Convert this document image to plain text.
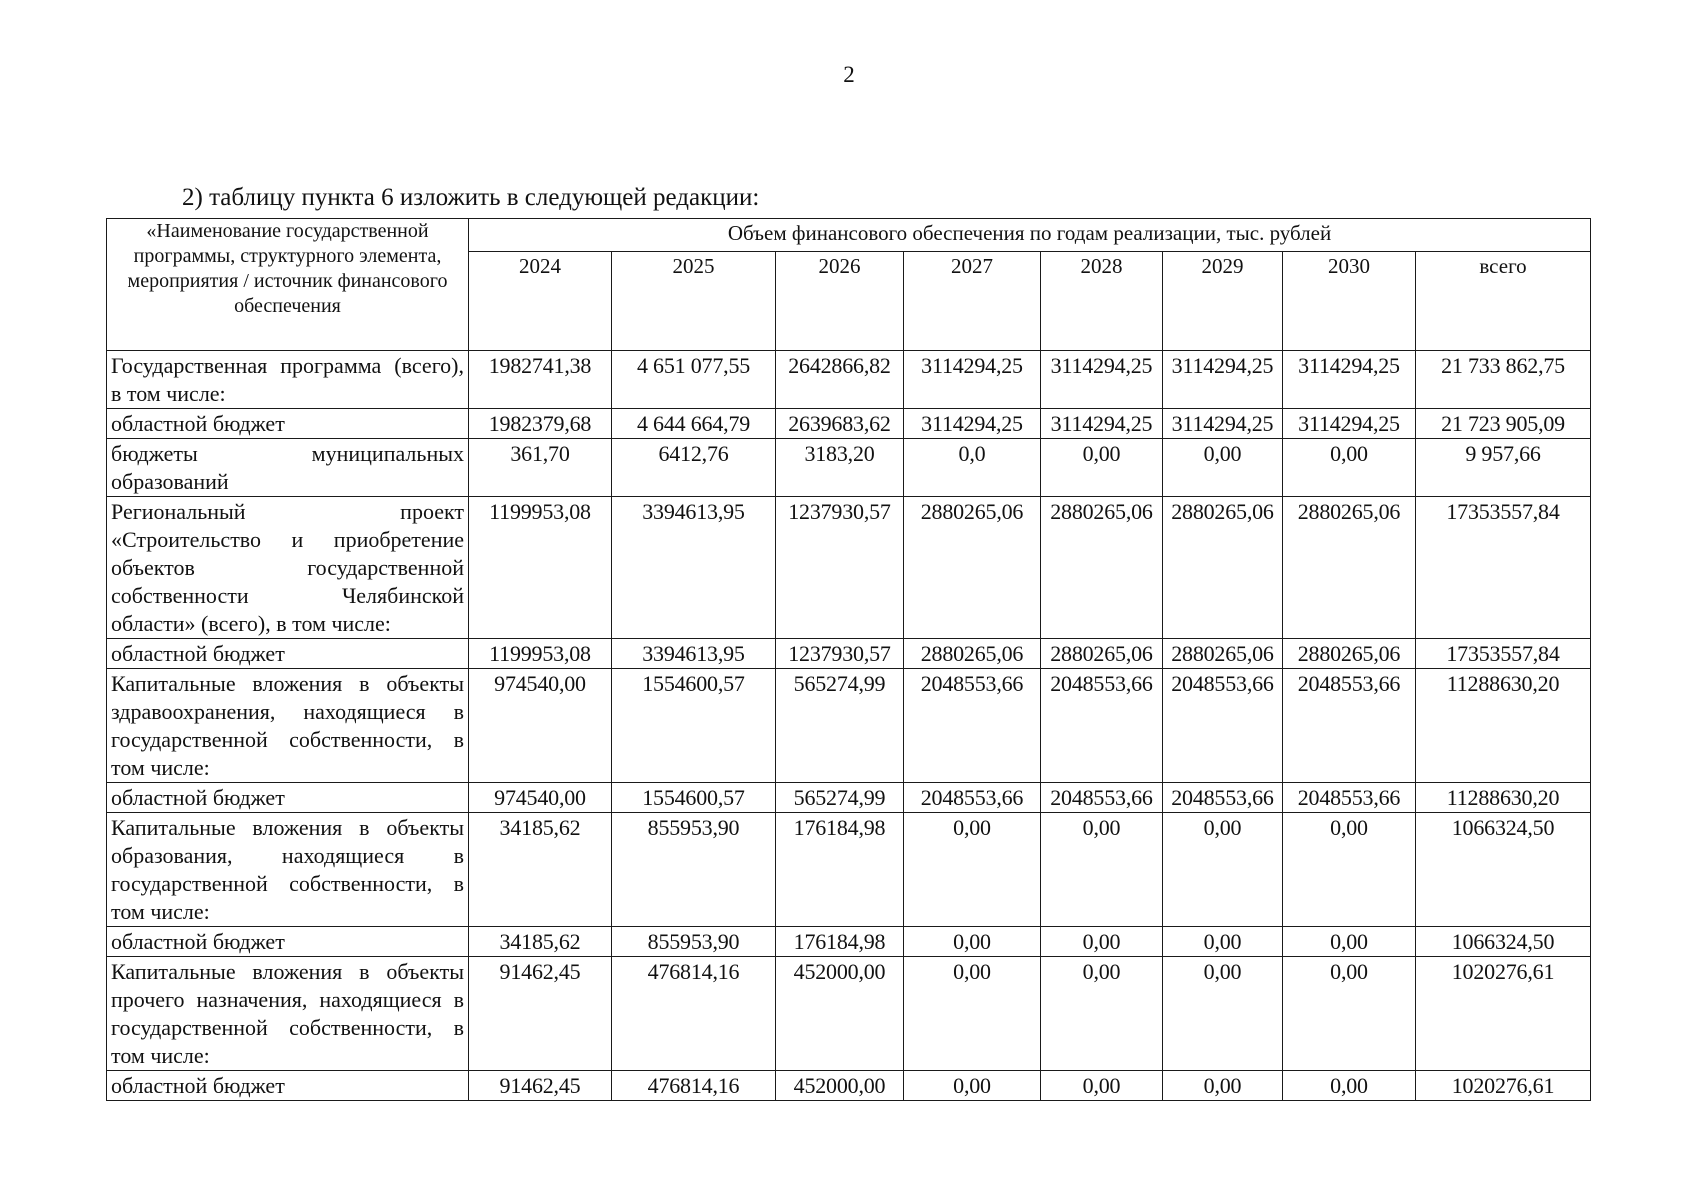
2
2) таблицу пункта 6 изложить в следующей редакции:
«Наименование государственной программы, структурного элемента, мероприятия / источник финансового обеспечения	Объем финансового обеспечения по годам реализации, тыс. рублей							
	2024	2025	2026	2027	2028	2029	2030	всего
Государственная программа (всего), в том числе:	1982741,38	4 651 077,55	2642866,82	3114294,25	3114294,25	3114294,25	3114294,25	21 733 862,75
областной бюджет	1982379,68	4 644 664,79	2639683,62	3114294,25	3114294,25	3114294,25	3114294,25	21 723 905,09
бюджеты муниципальных образований	361,70	6412,76	3183,20	0,0	0,00	0,00	0,00	9 957,66
Региональный проект «Строительство и приобретение объектов государственной собственности Челябинской области» (всего), в том числе:	1199953,08	3394613,95	1237930,57	2880265,06	2880265,06	2880265,06	2880265,06	17353557,84
областной бюджет	1199953,08	3394613,95	1237930,57	2880265,06	2880265,06	2880265,06	2880265,06	17353557,84
Капитальные вложения в объекты здравоохранения, находящиеся в государственной собственности, в том числе:	974540,00	1554600,57	565274,99	2048553,66	2048553,66	2048553,66	2048553,66	11288630,20
областной бюджет	974540,00	1554600,57	565274,99	2048553,66	2048553,66	2048553,66	2048553,66	11288630,20
Капитальные вложения в объекты образования, находящиеся в государственной собственности, в том числе:	34185,62	855953,90	176184,98	0,00	0,00	0,00	0,00	1066324,50
областной бюджет	34185,62	855953,90	176184,98	0,00	0,00	0,00	0,00	1066324,50
Капитальные вложения в объекты прочего назначения, находящиеся в государственной собственности, в том числе:	91462,45	476814,16	452000,00	0,00	0,00	0,00	0,00	1020276,61
областной бюджет	91462,45	476814,16	452000,00	0,00	0,00	0,00	0,00	1020276,61
